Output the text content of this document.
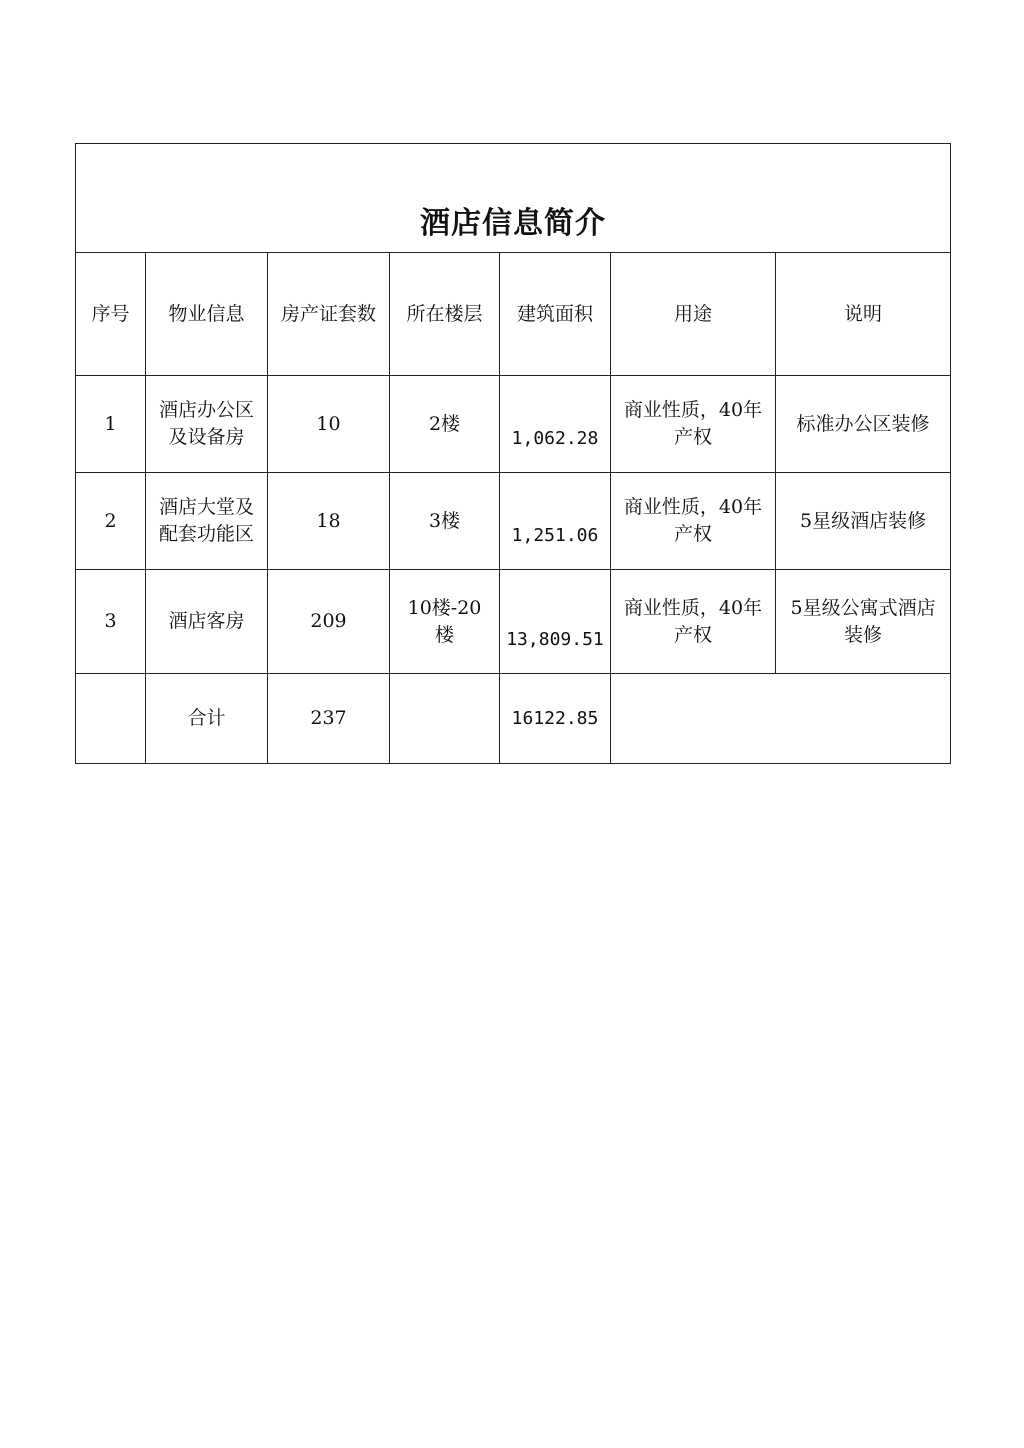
酒店信息简介						
序号	物业信息	房产证套数	所在楼层	建筑面积	用途	说明
1	酒店办公区及设备房	10	2楼	1,062.28	商业性质，40年产权	标准办公区装修
2	酒店大堂及配套功能区	18	3楼	1,251.06	商业性质，40年产权	5星级酒店装修
3	酒店客房	209	10楼-20楼	13,809.51	商业性质，40年产权	5星级公寓式酒店装修
	合计	237		16122.85		
